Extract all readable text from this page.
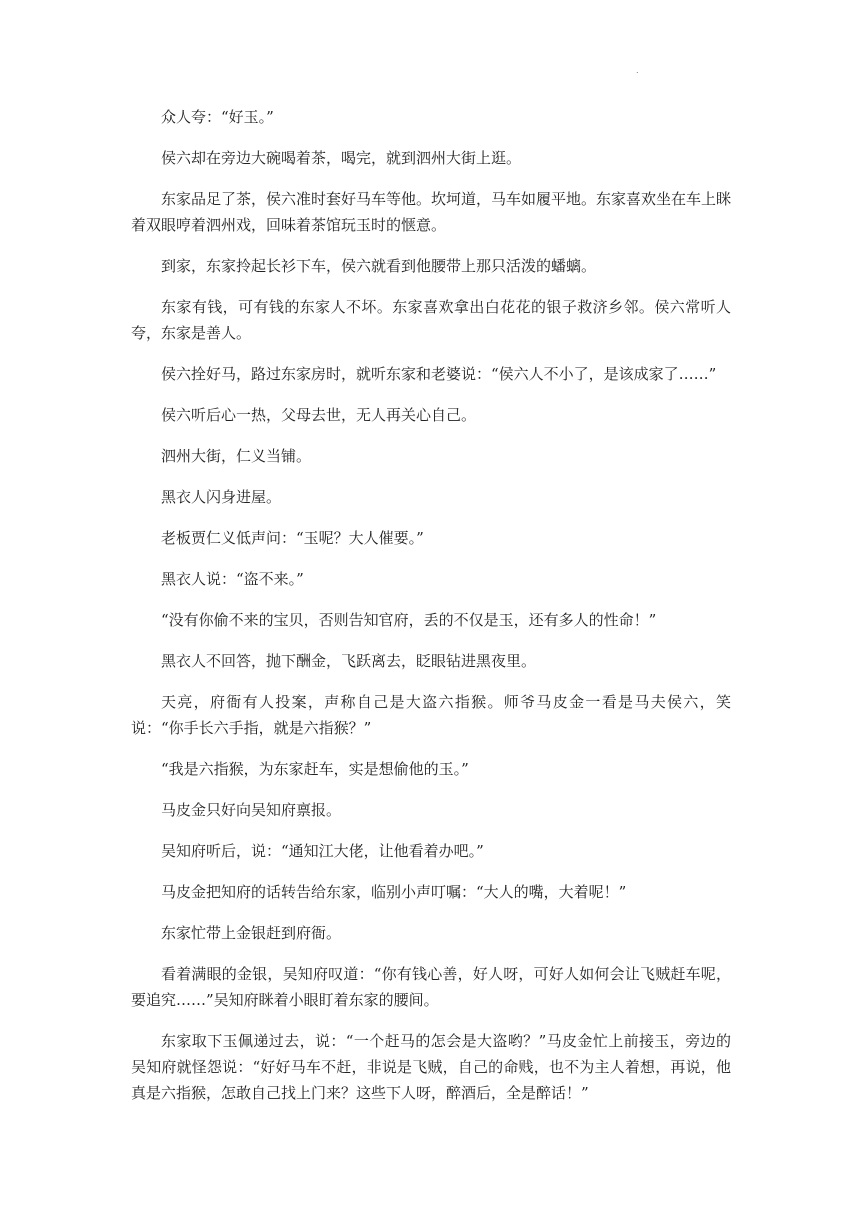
.

众人夸：“好玉。”

侯六却在旁边大碗喝着茶，喝完，就到泗州大街上逛。

东家品足了茶，侯六准时套好马车等他。坎坷道，马车如履平地。东家喜欢坐在车上眯着双眼哼着泗州戏，回味着茶馆玩玉时的惬意。

到家，东家拎起长衫下车，侯六就看到他腰带上那只活泼的蟠螭。

东家有钱，可有钱的东家人不坏。东家喜欢拿出白花花的银子救济乡邻。侯六常听人夸，东家是善人。

侯六拴好马，路过东家房时，就听东家和老婆说：“侯六人不小了，是该成家了……”

侯六听后心一热，父母去世，无人再关心自己。

泗州大街，仁义当铺。

黑衣人闪身进屋。

老板贾仁义低声问：“玉呢？大人催要。”

黑衣人说：“盗不来。”

“没有你偷不来的宝贝，否则告知官府，丢的不仅是玉，还有多人的性命！”

黑衣人不回答，抛下酬金，飞跃离去，眨眼钻进黑夜里。

天亮，府衙有人投案，声称自己是大盗六指猴。师爷马皮金一看是马夫侯六，笑说：“你手长六手指，就是六指猴？”

“我是六指猴，为东家赶车，实是想偷他的玉。”

马皮金只好向吴知府禀报。

吴知府听后，说：“通知江大佬，让他看着办吧。”

马皮金把知府的话转告给东家，临别小声叮嘱：“大人的嘴，大着呢！”

东家忙带上金银赶到府衙。

看着满眼的金银，吴知府叹道：“你有钱心善，好人呀，可好人如何会让飞贼赶车呢，要追究……”吴知府眯着小眼盯着东家的腰间。

东家取下玉佩递过去，说：“一个赶马的怎会是大盗哟？”马皮金忙上前接玉，旁边的吴知府就怪怨说：“好好马车不赶，非说是飞贼，自己的命贱，也不为主人着想，再说，他真是六指猴，怎敢自己找上门来？这些下人呀，醉酒后，全是醉话！”
